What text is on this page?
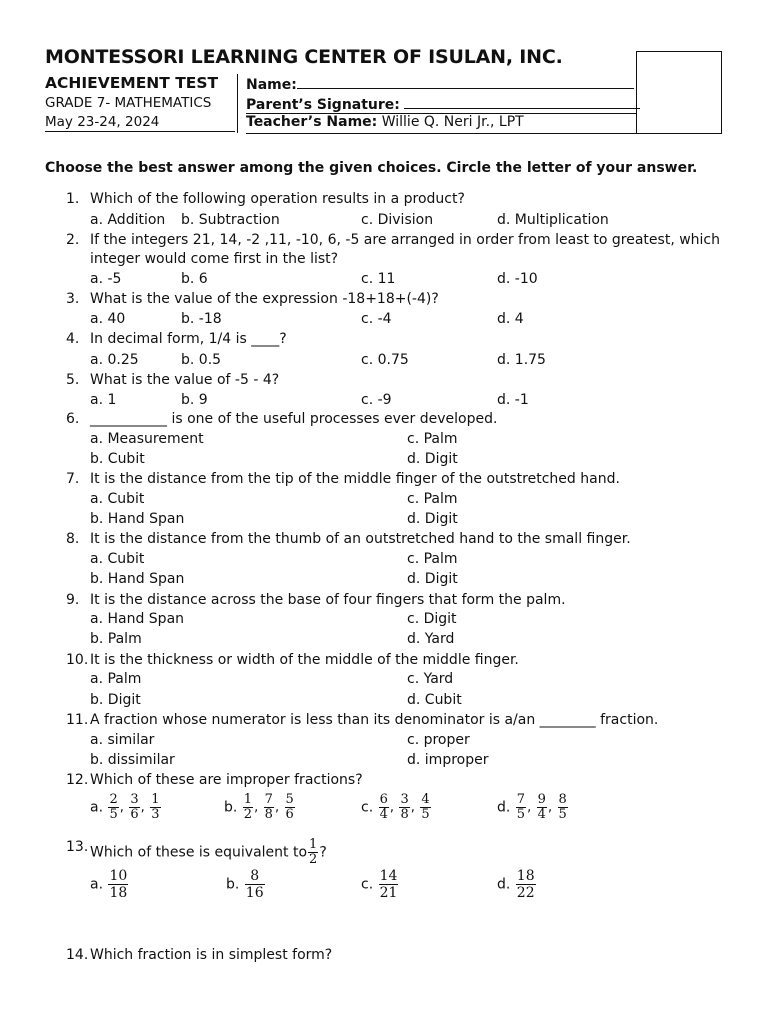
MONTESSORI LEARNING CENTER OF ISULAN, INC.
ACHIEVEMENT TEST
GRADE 7- MATHEMATICS
May 23-24, 2024
Name:
Parent’s Signature:
Teacher’s Name: Willie Q. Neri Jr., LPT
Choose the best answer among the given choices. Circle the letter of your answer.
1. Which of the following operation results in a product?
a. Addition b. Subtraction	c. Division	d. Multiplication
2. If the integers 21, 14, -2 ,11, -10, 6, -5 are arranged in order from least to greatest, which
integer would come first in the list?
a. -5	b. 6	c. 11	d. -10
3. What is the value of the expression -18+18+(-4)?
a. 40	b. -18	c. -4	d. 4
4. In decimal form, 1/4 is ____?
a. 0.25	b. 0.5	c. 0.75	d. 1.75
5. What is the value of -5 - 4?
a. 1	b. 9	c. -9	d. -1
6. ___________ is one of the useful processes ever developed.
a. Measurement
b. Cubit
c. Palm
d. Digit
7. It is the distance from the tip of the middle finger of the outstretched hand.
a. Cubit
b. Hand Span
c. Palm
d. Digit
8. It is the distance from the thumb of an outstretched hand to the small finger.
a. Cubit
b. Hand Span
c. Palm
d. Digit
9. It is the distance across the base of four fingers that form the palm.
a. Hand Span
b. Palm
c. Digit
d. Yard
10. It is the thickness or width of the middle of the middle finger.
a. Palm
b. Digit
c. Yard
d. Cubit
11. A fraction whose numerator is less than its denominator is a/an ________ fraction.
a. similar
b. dissimilar
c. proper
d. improper
12. Which of these are improper fractions?
a. $\frac{2}{5}$ , $\frac{3}{6}$ , $\frac{1}{3}$	b. $\frac{1}{2}$ , $\frac{7}{8}$ , $\frac{5}{6}$	c. $\frac{6}{4}$ , $\frac{3}{8}$ , $\frac{4}{5}$	d. $\frac{7}{5}$ , $\frac{9}{4}$ , $\frac{8}{5}$
13. Which of these is equivalent to $\frac{1}{2}$ ?
a. $\frac{10}{18}$	b. $\frac{8}{16}$	c. $\frac{14}{21}$	d. $\frac{18}{22}$
14. Which fraction is in simplest form?
